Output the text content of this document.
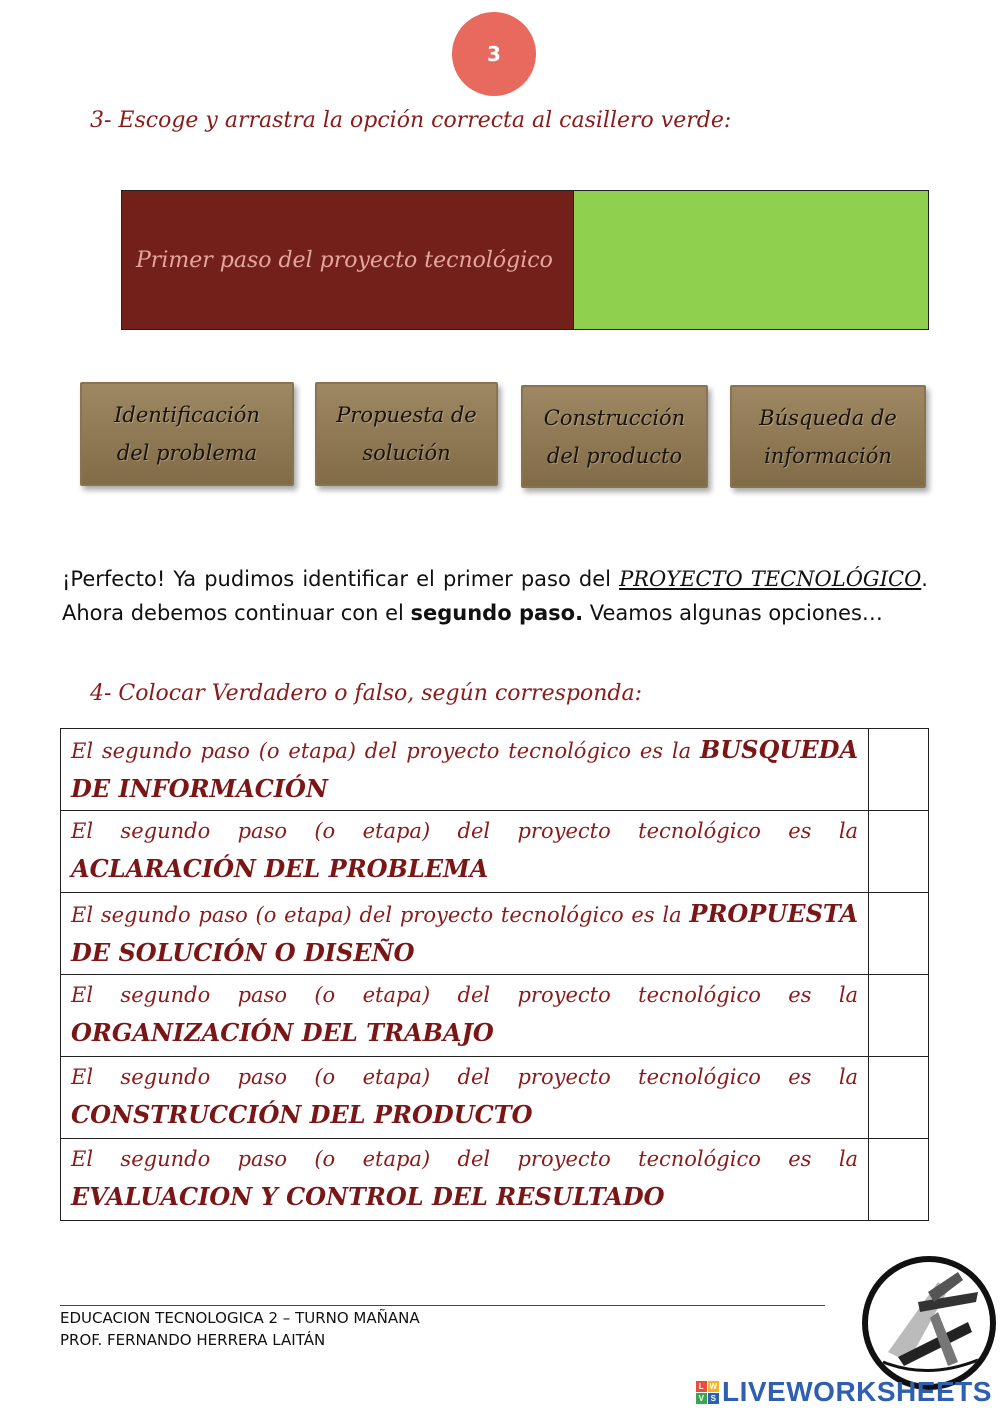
3
3- Escoge y arrastra la opción correcta al casillero verde:
Primer paso del proyecto tecnológico
Identificación
del problema
Propuesta de
solución
Construcción
del producto
Búsqueda de
información
¡Perfecto! Ya pudimos identificar el primer paso del PROYECTO TECNOLÓGICO. Ahora debemos continuar con el segundo paso. Veamos algunas opciones…
4- Colocar Verdadero o falso, según corresponda:
El segundo paso (o etapa) del proyecto tecnológico es la BUSQUEDA DE INFORMACIÓN	
El segundo paso (o etapa) del proyecto tecnológico es la ACLARACIÓN DEL PROBLEMA	
El segundo paso (o etapa) del proyecto tecnológico es la PROPUESTA DE SOLUCIÓN O DISEÑO	
El segundo paso (o etapa) del proyecto tecnológico es la ORGANIZACIÓN DEL TRABAJO	
El segundo paso (o etapa) del proyecto tecnológico es la CONSTRUCCIÓN DEL PRODUCTO	
El segundo paso (o etapa) del proyecto tecnológico es la EVALUACION Y CONTROL DEL RESULTADO	
EDUCACION TECNOLOGICA 2 – TURNO MAÑANA
PROF. FERNANDO HERRERA LAITÁN
L W
V S LIVEWORKSHEETS
